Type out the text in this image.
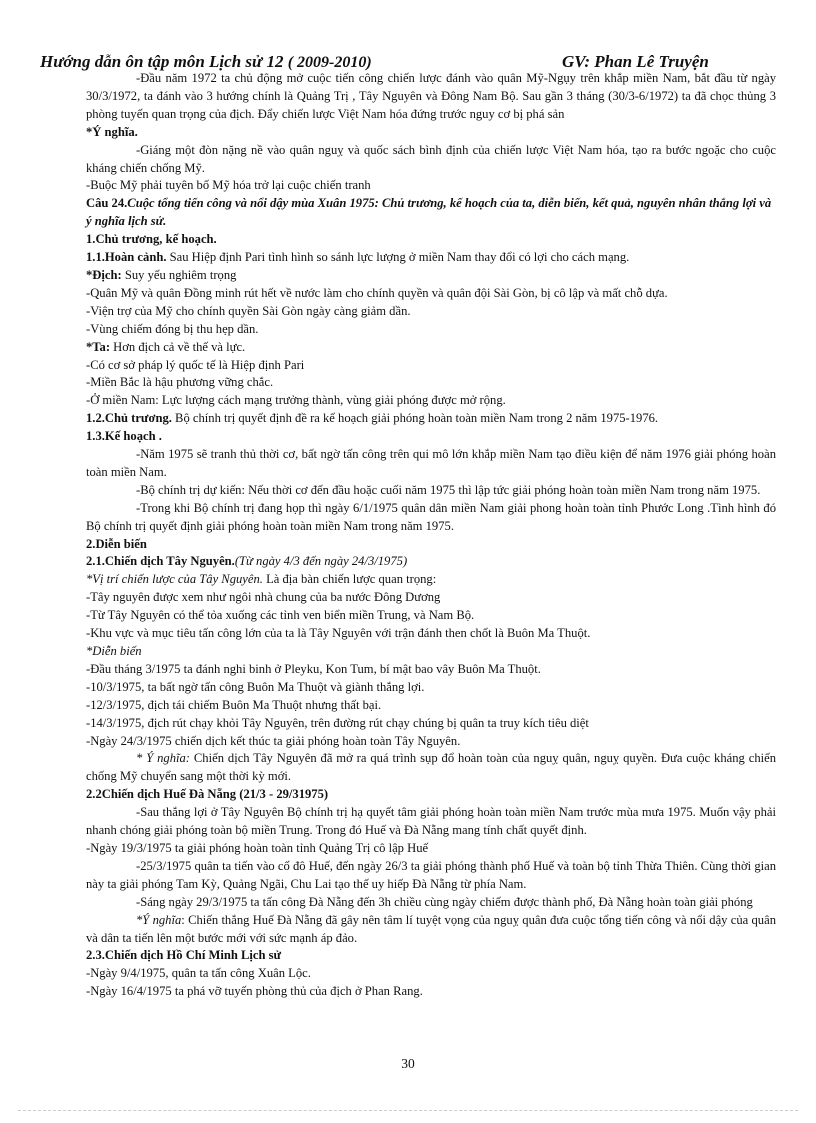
Hướng dẫn ôn tập môn Lịch sử 12 ( 2009-2010)	GV: Phan Lê Truyện

-Đầu năm 1972 ta chủ động mở cuộc tiến công chiến lược đánh vào quân Mỹ-Ngụy trên khắp miền Nam, bắt đầu từ ngày 30/3/1972, ta đánh vào 3 hướng chính là Quảng Trị , Tây Nguyên và Đông Nam Bộ. Sau gần 3 tháng (30/3-6/1972) ta đã chọc thủng 3 phòng tuyến quan trọng của địch. Đẩy chiến lược Việt Nam hóa đứng trước nguy cơ bị phá sản

*Ý nghĩa.

-Giáng một đòn nặng nề vào quân nguỵ và quốc sách bình định của chiến lược Việt Nam hóa, tạo ra bước ngoặc cho cuộc kháng chiến chống Mỹ.

-Buộc Mỹ phải tuyên bố Mỹ hóa trở lại cuộc chiến tranh

Câu 24.Cuộc tổng tiến công và nổi dậy mùa Xuân 1975: Chủ trương, kế hoạch của ta, diễn biến, kết quả, nguyên nhân thắng lợi và ý nghĩa lịch sử.

1.Chủ trương, kế hoạch.

1.1.Hoàn cảnh. Sau Hiệp định Pari tình hình so sánh lực lượng ở miền Nam thay đổi có lợi cho cách mạng.

*Địch: Suy yếu nghiêm trọng

-Quân Mỹ và quân Đồng minh rút hết về nước làm cho chính quyền và quân đội Sài Gòn, bị cô lập và mất chỗ dựa.

-Viện trợ của Mỹ cho chính quyền Sài Gòn ngày càng giảm dần.

-Vùng chiếm đóng bị thu hẹp dần.

*Ta: Hơn địch cả về thế và lực.

-Có cơ sở pháp lý quốc tế là Hiệp định Pari

-Miền Bắc là hậu phương vững chắc.

-Ở miền Nam: Lực lượng cách mạng trưởng thành, vùng giải phóng được mở rộng.

1.2.Chủ trương. Bộ chính trị quyết định đề ra kế hoạch giải phóng hoàn toàn miền Nam trong 2 năm 1975-1976.

1.3.Kế hoạch .

-Năm 1975 sẽ tranh thủ thời cơ, bất ngờ tấn công trên qui mô lớn khắp miền Nam tạo điều kiện để năm 1976 giải phóng hoàn toàn miền Nam.

-Bộ chính trị dự kiến: Nếu thời cơ đến đầu hoặc cuối năm 1975 thì lập tức giải phóng hoàn toàn miền Nam trong năm 1975.

-Trong khi Bộ chính trị đang họp thì ngày 6/1/1975 quân dân miền Nam giải phong hoàn toàn tỉnh Phước Long .Tình hình đó Bộ chính trị quyết định giải phóng hoàn toàn miền Nam trong năm 1975.

2.Diễn biến

2.1.Chiến dịch Tây Nguyên.(Từ ngày 4/3 đến ngày 24/3/1975)

*Vị trí chiến lược của Tây Nguyên. Là địa bàn chiến lược quan trọng:

-Tây nguyên được xem như ngôi nhà chung của ba nước Đông Dương

-Từ Tây Nguyên có thể tỏa xuống các tỉnh ven biển miền Trung, và Nam Bộ.

-Khu vực và mục tiêu tấn công lớn của ta là Tây Nguyên với trận đánh then chốt là Buôn Ma Thuột.

*Diễn biến

-Đầu tháng 3/1975 ta đánh nghi binh ở Pleyku, Kon Tum, bí mật bao vây Buôn Ma Thuột.

-10/3/1975, ta bất ngờ tấn công Buôn Ma Thuột và giành thắng lợi.

-12/3/1975, địch tái chiếm Buôn Ma Thuột nhưng thất bại.

-14/3/1975, địch rút chạy khỏi Tây Nguyên, trên đường rút chạy chúng bị quân ta truy kích tiêu diệt

-Ngày 24/3/1975 chiến dịch kết thúc ta giải phóng hoàn toàn Tây Nguyên.

* Ý nghĩa: Chiến dịch Tây Nguyên đã mở ra quá trình sụp đổ hoàn toàn của nguỵ quân, nguỵ quyền. Đưa cuộc kháng chiến chống Mỹ chuyển sang một thời kỳ mới.

2.2Chiến dịch Huế Đà Nẵng (21/3 - 29/31975)

-Sau thắng lợi ở Tây Nguyên Bộ chính trị hạ quyết tâm giải phóng hoàn toàn miền Nam trước mùa mưa 1975. Muốn vậy phải nhanh chóng giải phóng toàn bộ miền Trung. Trong đó Huế và Đà Nẵng mang tính chất quyết định.

-Ngày 19/3/1975 ta giải phóng hoàn toàn tỉnh Quảng Trị cô lập Huế

-25/3/1975 quân ta tiến vào cố đô Huế, đến ngày 26/3 ta giải phóng thành phố Huế và toàn bộ tỉnh Thừa Thiên. Cùng thời gian này ta giải phóng Tam Kỳ, Quảng Ngãi, Chu Lai tạo thế uy hiếp Đà Nẵng từ phía Nam.

-Sáng ngày 29/3/1975 ta tấn công Đà Nẵng đến 3h chiều cùng ngày chiếm được thành phố, Đà Nẵng hoàn toàn giải phóng

*Ý nghĩa: Chiến thắng Huế Đà Nẵng đã gây nên tâm lí tuyệt vọng của nguỵ quân đưa cuộc tổng tiến công và nổi dậy của quân và dân ta tiến lên một bước mới với sức mạnh áp đảo.

2.3.Chiến dịch Hồ Chí Minh Lịch sử

-Ngày 9/4/1975, quân ta tấn công Xuân Lộc.

-Ngày 16/4/1975 ta phá vỡ tuyến phòng thủ của địch ở Phan Rang.

30
